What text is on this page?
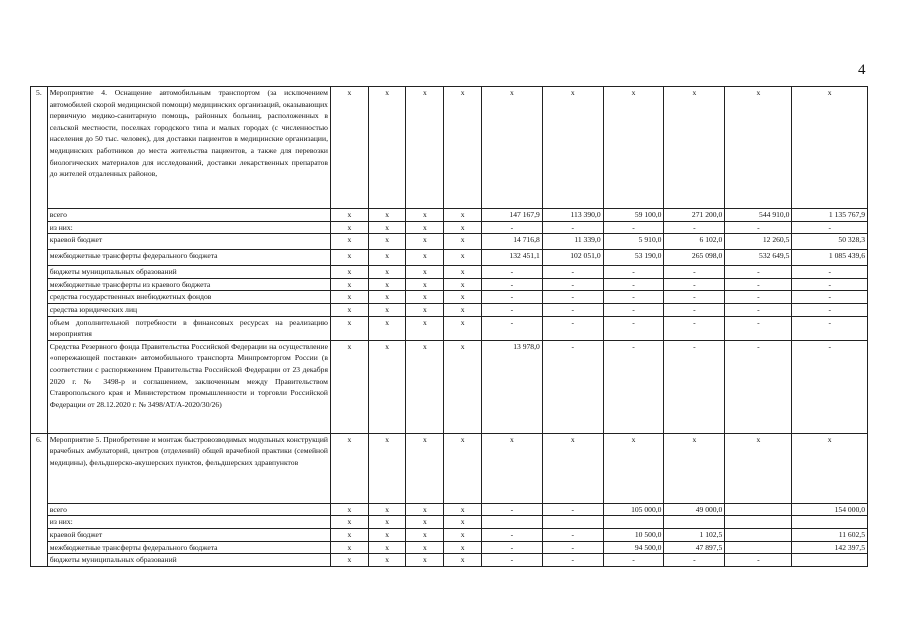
4
5.	Мероприятие 4. Оснащение автомобильным транспортом (за исключением автомобилей скорой медицинской помощи) медицинских организаций, оказывающих первичную медико-санитарную помощь, районных больниц, расположенных в сельской местности, поселках городского типа и малых городах (с численностью населения до 50 тыс. человек), для доставки пациентов в медицинские организации, медицинских работников до места жительства пациентов, а также для перевозки биологических материалов для исследований, доставки лекарственных препаратов до жителей отдаленных районов,	x	x	x	x	x	x	x	x	x	x
	всего	x	x	x	x	147 167,9	113 390,0	59 100,0	271 200,0	544 910,0	1 135 767,9
	из них:	x	x	x	x	-	-	-	-	-	-
	краевой бюджет	x	x	x	x	14 716,8	11 339,0	5 910,0	6 102,0	12 260,5	50 328,3
	межбюджетные трансферты федерального бюджета	x	x	x	x	132 451,1	102 051,0	53 190,0	265 098,0	532 649,5	1 085 439,6
	бюджеты муниципальных образований	x	x	x	x	-	-	-	-	-	-
	межбюджетные трансферты из краевого бюджета	x	x	x	x	-	-	-	-	-	-
	средства государственных внебюджетных фондов	x	x	x	x	-	-	-	-	-	-
	средства юридических лиц	x	x	x	x	-	-	-	-	-	-
	объем дополнительной потребности в финансовых ресурсах на реализацию мероприятия	x	x	x	x	-	-	-	-	-	-
	Средства Резервного фонда Правительства Российской Федерации на осуществление «опережающей поставки» автомобильного транспорта Минпромторгом России (в соответствии с распоряжением Правительства Российской Федерации от 23 декабря 2020 г. № 3498-р и соглашением, заключенным между Правительством Ставропольского края и Министерством промышленности и торговли Российской Федерации от 28.12.2020 г. № 3498/АТ/А-2020/30/26)	x	x	x	x	13 978,0	-	-	-	-	-
6.	Мероприятие 5. Приобретение и монтаж быстровозводимых модульных конструкций врачебных амбулаторий, центров (отделений) общей врачебной практики (семейной медицины), фельдшерско-акушерских пунктов, фельдшерских здравпунктов	x	x	x	x	x	x	x	x	x	x
	всего	x	x	x	x	-	-	105 000,0	49 000,0		154 000,0
	из них:	x	x	x	x						
	краевой бюджет	x	x	x	x	-	-	10 500,0	1 102,5		11 602,5
	межбюджетные трансферты федерального бюджета	x	x	x	x	-	-	94 500,0	47 897,5		142 397,5
	бюджеты муниципальных образований	x	x	x	x	-	-	-	-	-	
